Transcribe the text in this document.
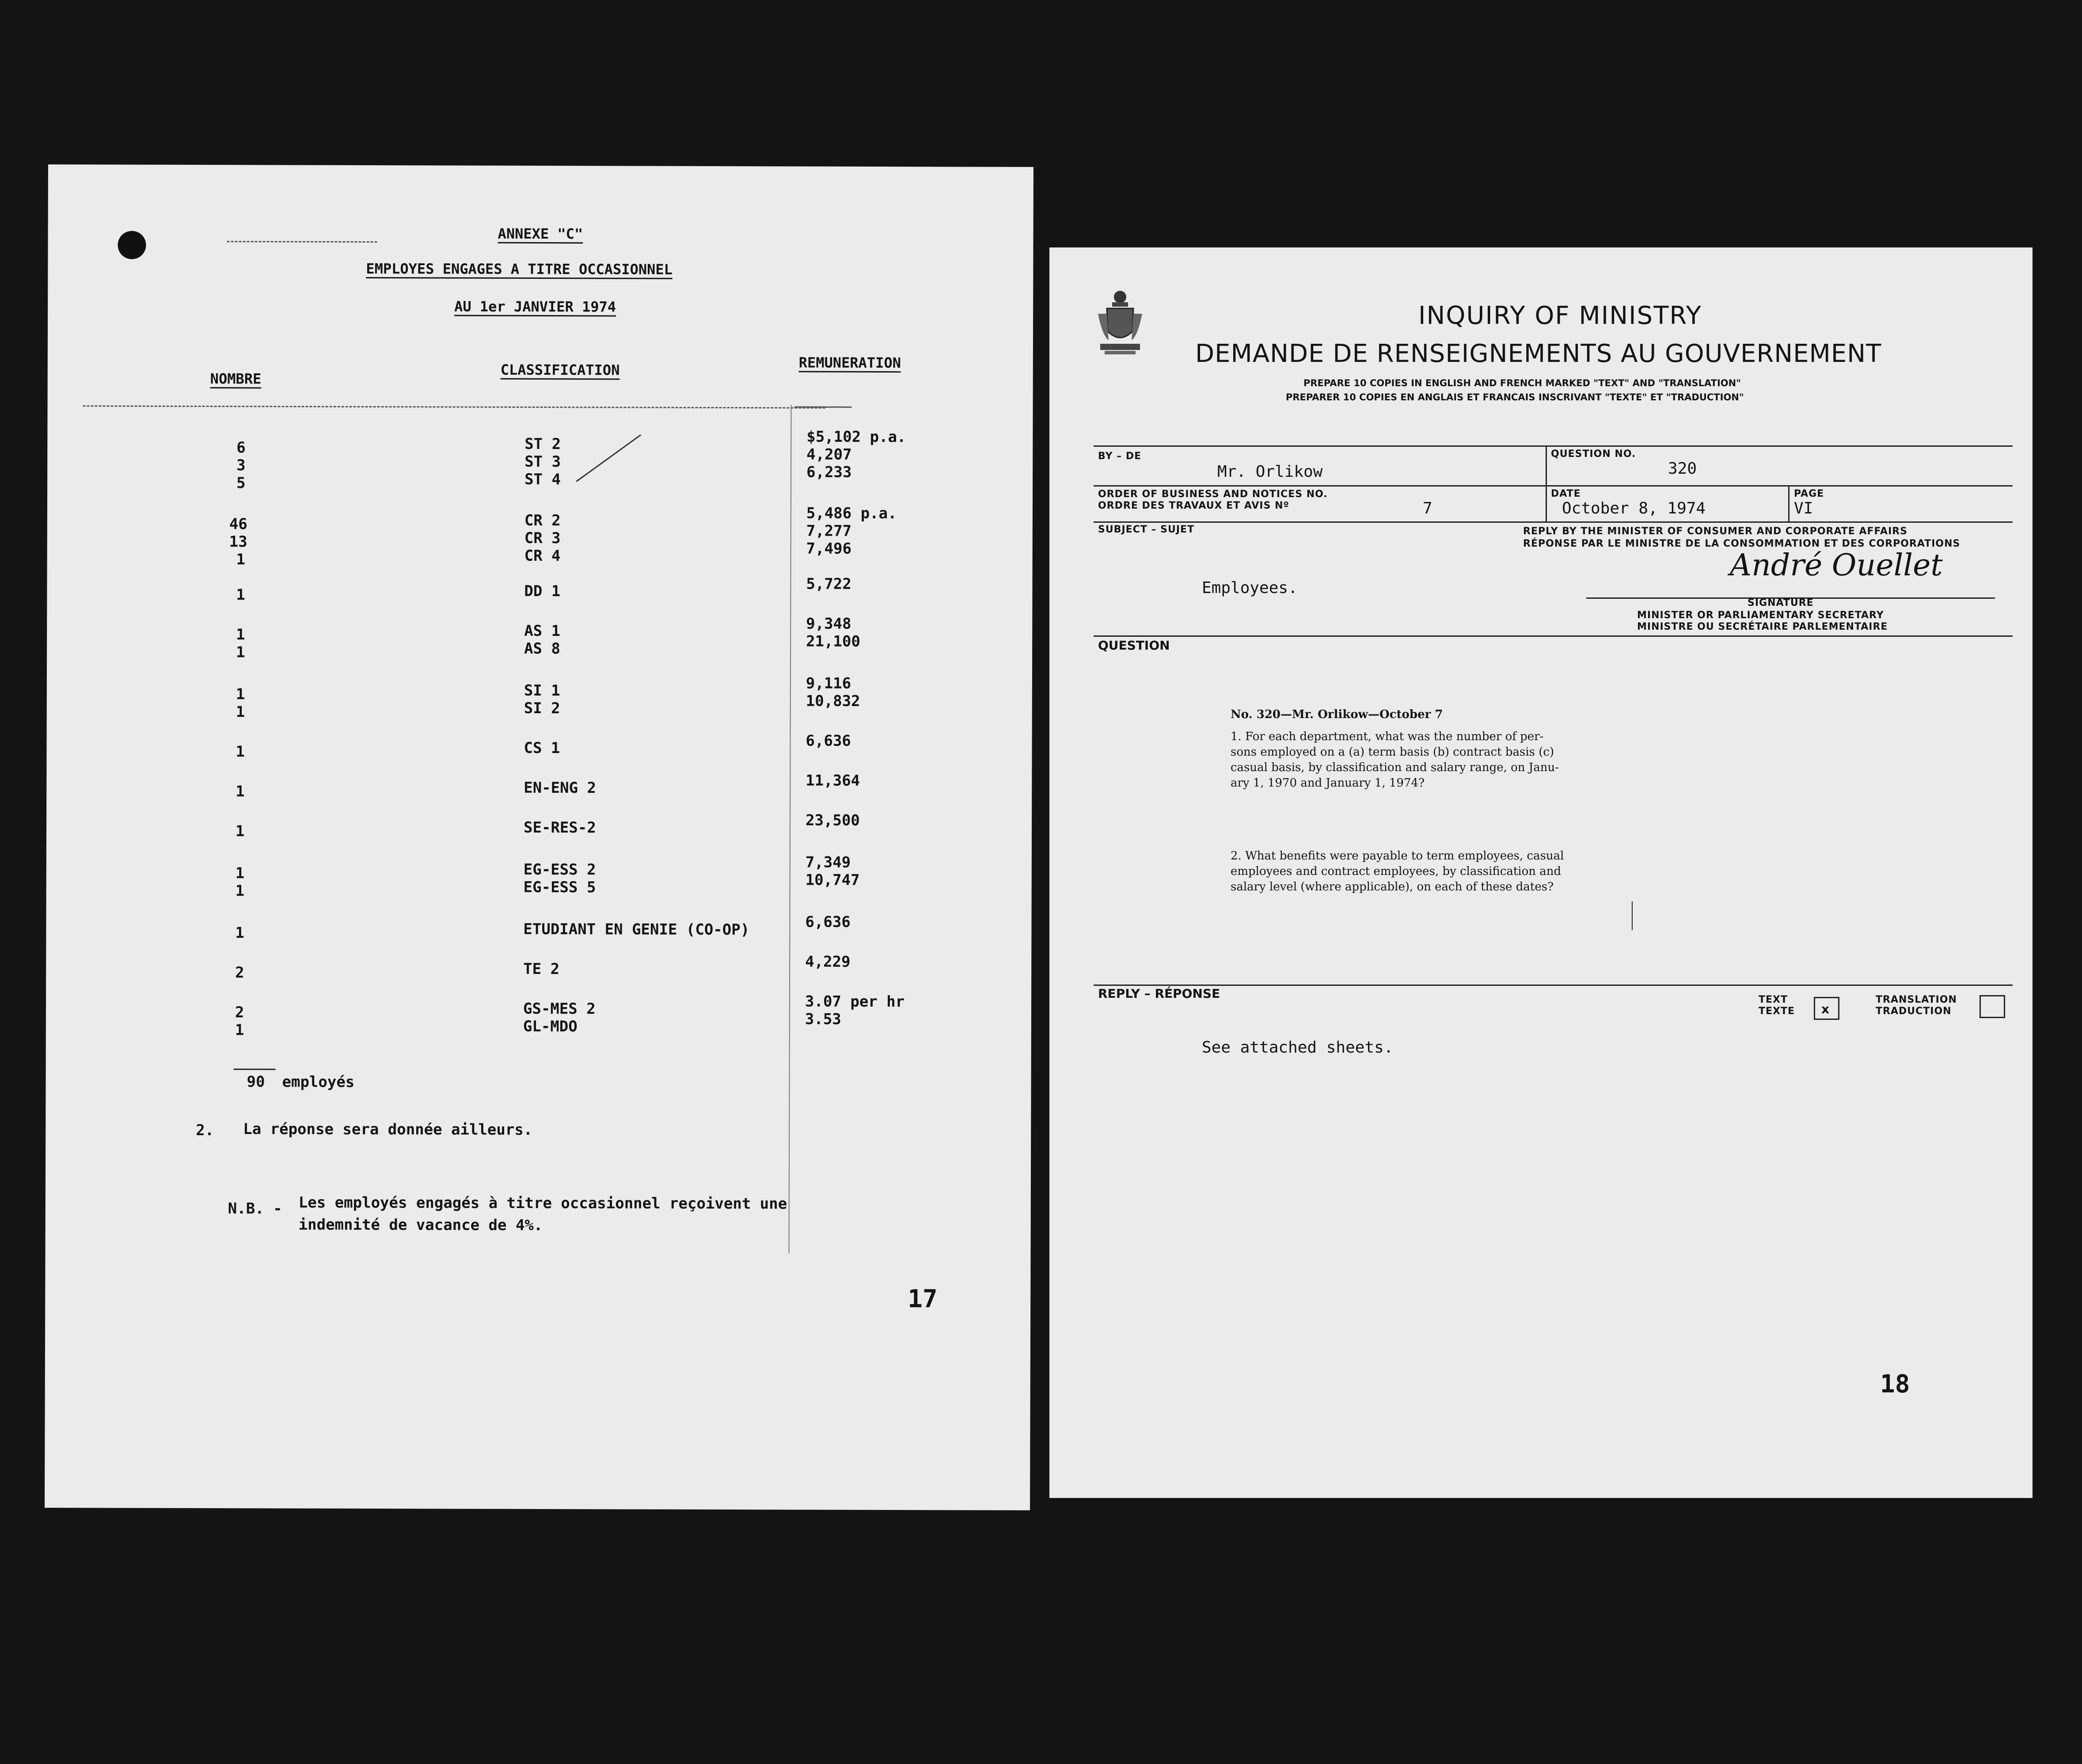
ANNEXE "C"
EMPLOYES ENGAGES A TITRE OCCASIONNEL
AU 1er JANVIER 1974
NOMBRE
CLASSIFICATION	REMUNERATION
6	ST 2	$5,102 p.a.
3	ST 3	4,207
5	ST 4	6,233
46	CR 2	5,486 p.a.
13	CR 3	7,277
1	CR 4	7,496
1	DD 1	5,722
1	AS 1	9,348
1	AS 8	21,100
1	SI 1	9,116
1	SI 2	10,832
1	CS 1	6,636
1	EN-ENG 2	11,364
1	SE-RES-2	23,500
1	EG-ESS 2	7,349
1	EG-ESS 5	10,747
1	ETUDIANT EN GENIE (CO-OP)	6,636
2	TE 2	4,229
2	GS-MES 2	3.07 per hr
1	GL-MDO	3.53
90 employés
2. La réponse sera donnée ailleurs.
N.B. - Les employés engagés à titre occasionnel reçoivent une
indemnité de vacance de 4%.
17
INQUIRY OF MINISTRY
DEMANDE DE RENSEIGNEMENTS AU GOUVERNEMENT
PREPARE 10 COPIES IN ENGLISH AND FRENCH MARKED "TEXT" AND "TRANSLATION"
PREPARER 10 COPIES EN ANGLAIS ET FRANCAIS INSCRIVANT "TEXTE" ET "TRADUCTION"
BY – DE
Mr. Orlikow
QUESTION NO.
320
ORDER OF BUSINESS AND NOTICES NO.
ORDRE DES TRAVAUX ET AVIS Nº	7
DATE
October 8, 1974
PAGE
VI
SUBJECT – SUJET	REPLY BY THE MINISTER OF CONSUMER AND CORPORATE AFFAIRS
RÉPONSE PAR LE MINISTRE DE LA CONSOMMATION ET DES CORPORATIONS
Employees.
André Ouellet
SIGNATURE
MINISTER OR PARLIAMENTARY SECRETARY
MINISTRE OU SECRÉTAIRE PARLEMENTAIRE
QUESTION
No. 320—Mr. Orlikow—October 7
1. For each department, what was the number of per-
sons employed on a (a) term basis (b) contract basis (c)
casual basis, by classification and salary range, on Janu-
ary 1, 1970 and January 1, 1974?
2. What benefits were payable to term employees, casual
employees and contract employees, by classification and
salary level (where applicable), on each of these dates?
REPLY – RÉPONSE	TEXT
TEXTE x
TRANSLATION
TRADUCTION
See attached sheets.
18
